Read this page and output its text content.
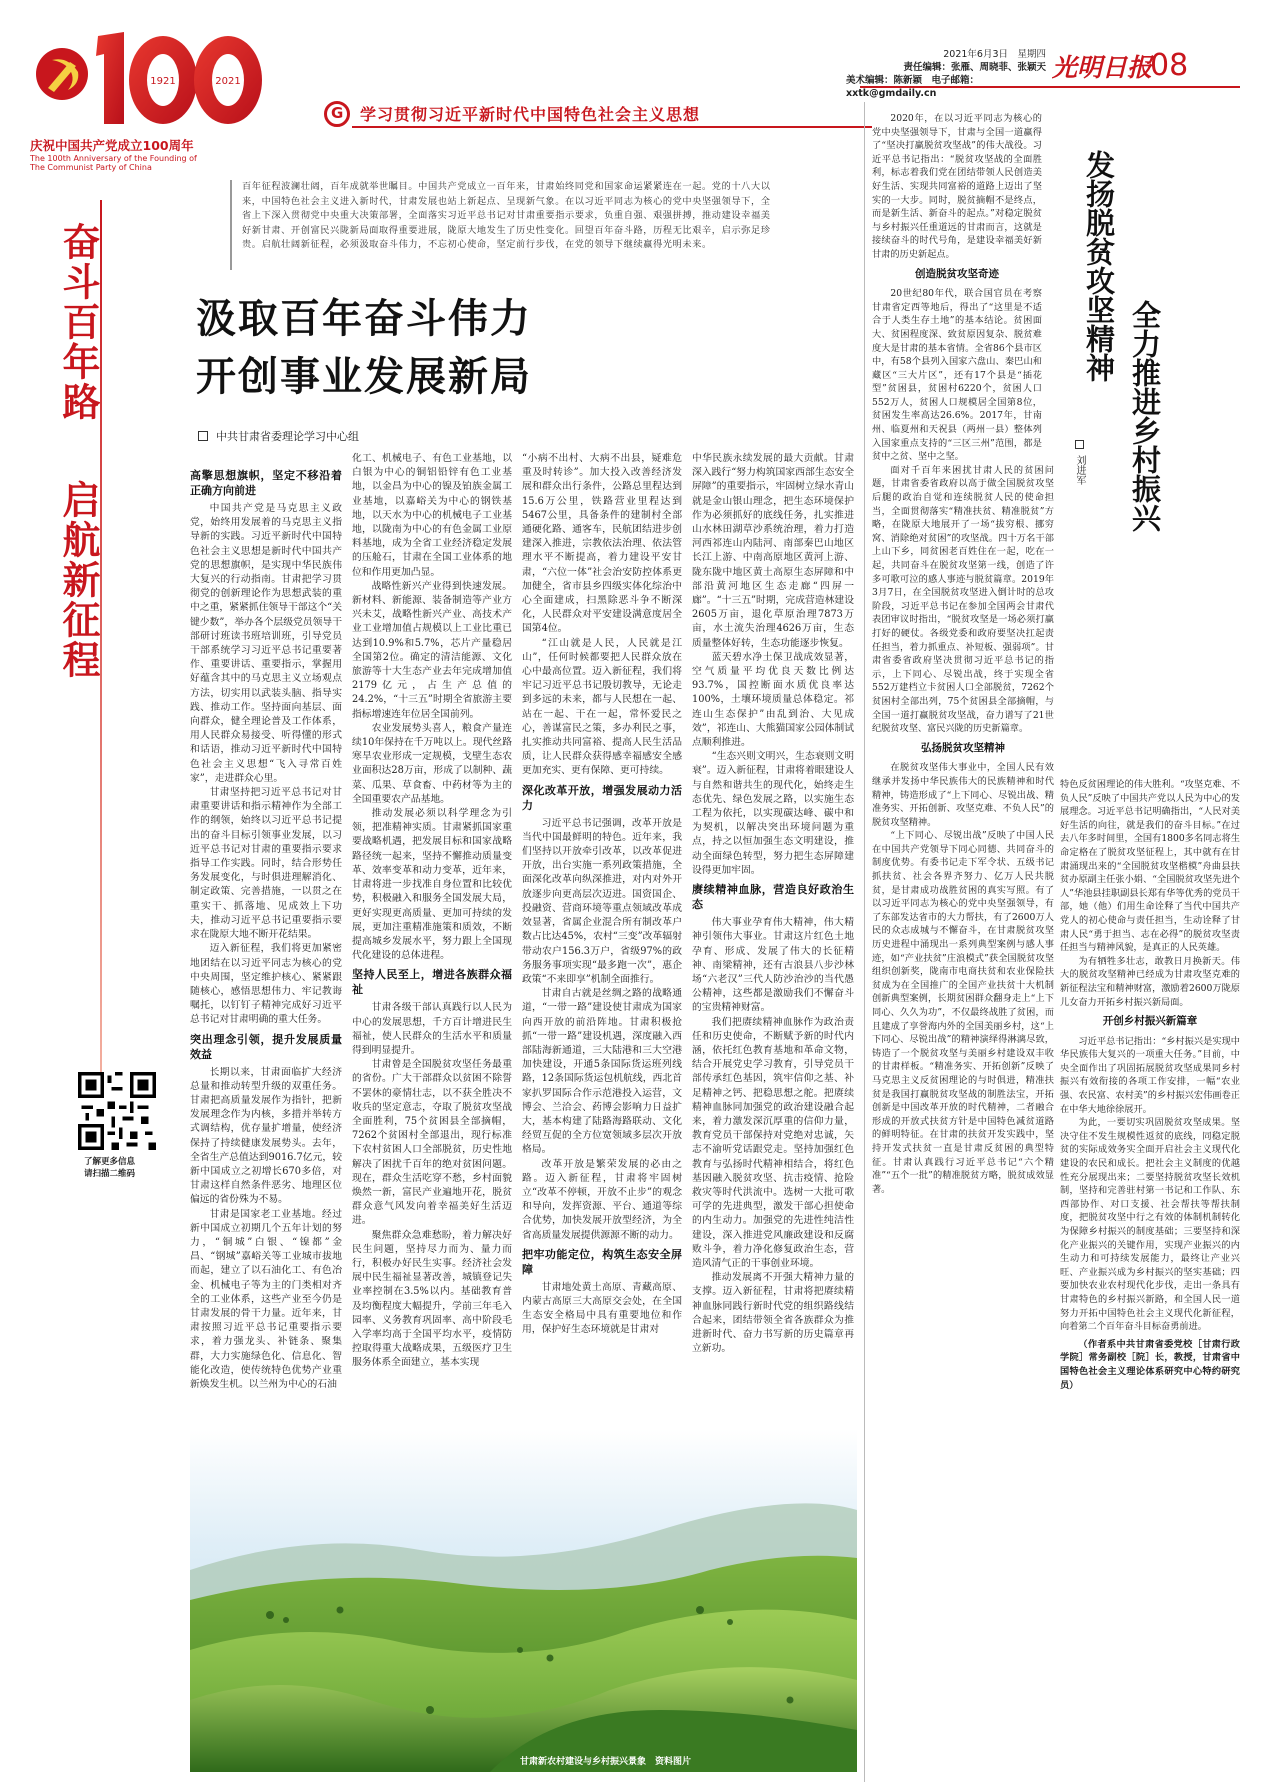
1921	2021
庆祝中国共产党成立100周年
The 100th Anniversary of the Founding of The Communist Party of China
2021年6月3日　星期四
责任编辑：张雁、周晓菲、张颖天
美术编辑：陈新颖　电子邮箱：xxtk@gmdaily.cn
光明日报
08
G 学习贯彻习近平新时代中国特色社会主义思想
奋斗百年路
启航新征程

百年征程波澜壮阔，百年成就举世瞩目。中国共产党成立一百年来，甘肃始终同党和国家命运紧紧连在一起。党的十八大以来，中国特色社会主义进入新时代，甘肃发展也站上新起点、呈现新气象。在以习近平同志为核心的党中央坚强领导下，全省上下深入贯彻党中央重大决策部署，全面落实习近平总书记对甘肃重要指示要求，负重自强、艰强拼搏，推动建设幸福美好新甘肃、开创富民兴陇新局面取得重要进展，陇原大地发生了历史性变化。回望百年奋斗路，历程无比艰辛，启示弥足珍贵。启航壮阔新征程，必须汲取奋斗伟力，不忘初心使命，坚定前行步伐，在党的领导下继续赢得光明未来。

汲取百年奋斗伟力
开创事业发展新局
中共甘肃省委理论学习中心组
甘肃新农村建设与乡村振兴景象　资料图片
高擎思想旗帜，坚定不移沿着正确方向前进

中国共产党是马克思主义政党，始终用发展着的马克思主义指导新的实践。习近平新时代中国特色社会主义思想是新时代中国共产党的思想旗帜，是实现中华民族伟大复兴的行动指南。甘肃把学习贯彻党的创新理论作为思想武装的重中之重，紧紧抓住领导干部这个“关键少数”，举办各个层级党员领导干部研讨班读书班培训班，引导党员干部系统学习习近平总书记重要著作、重要讲话、重要指示，掌握用好蕴含其中的马克思主义立场观点方法，切实用以武装头脑、指导实践、推动工作。坚持面向基层、面向群众，健全理论普及工作体系，用人民群众易接受、听得懂的形式和话语，推动习近平新时代中国特色社会主义思想“飞入寻常百姓家”，走进群众心里。

甘肃坚持把习近平总书记对甘肃重要讲话和指示精神作为全部工作的纲领，始终以习近平总书记提出的奋斗目标引领事业发展，以习近平总书记对甘肃的重要指示要求指导工作实践。同时，结合形势任务发展变化，与时俱进理解消化、制定政策、完善措施，一以贯之在重实干、抓落地、见成效上下功夫，推动习近平总书记重要指示要求在陇原大地不断开花结果。

迈入新征程，我们将更加紧密地团结在以习近平同志为核心的党中央周围，坚定维护核心、紧紧跟随核心，感悟思想伟力、牢记教诲嘱托，以钉钉子精神完成好习近平总书记对甘肃明确的重大任务。

突出理念引领，提升发展质量效益

长期以来，甘肃面临扩大经济总量和推动转型升级的双重任务。甘肃把高质量发展作为指针，把新发展理念作为内核，多措并举转方式调结构，优存量扩增量，使经济保持了持续健康发展势头。去年，全省生产总值达到9016.7亿元，较新中国成立之初增长670多倍，对甘肃这样自然条件恶劣、地理区位偏远的省份殊为不易。

甘肃是国家老工业基地。经过新中国成立初期几个五年计划的努力，“铜城”白银、“镍都”金昌、“钢城”嘉峪关等工业城市拔地而起，建立了以石油化工、有色冶金、机械电子等为主的门类相对齐全的工业体系，这些产业至今仍是甘肃发展的骨干力量。近年来，甘肃按照习近平总书记重要指示要求，着力强龙头、补链条、聚集群，大力实施绿色化、信息化、智能化改造，使传统特色优势产业重新焕发生机。以兰州为中心的石油

了解更多信息
请扫描二维码

化工、机械电子、有色工业基地，以白银为中心的铜铝铅锌有色工业基地，以金昌为中心的镍及铂族金属工业基地，以嘉峪关为中心的钢铁基地，以天水为中心的机械电子工业基地，以陇南为中心的有色金属工业原料基地，成为全省工业经济稳定发展的压舱石，甘肃在全国工业体系的地位和作用更加凸显。

战略性新兴产业得到快速发展。新材料、新能源、装备制造等产业方兴未艾，战略性新兴产业、高技术产业工业增加值占规模以上工业比重已达到10.9%和5.7%，芯片产量稳居全国第2位。确定的清洁能源、文化旅游等十大生态产业去年完成增加值2179亿元，占生产总值的24.2%，“十三五”时期全省旅游主要指标增速连年位居全国前列。

农业发展势头喜人，粮食产量连续10年保持在千万吨以上。现代丝路寒旱农业形成一定规模，戈壁生态农业面积达28万亩，形成了以制种、蔬菜、瓜果、草食畜、中药材等为主的全国重要农产品基地。

推动发展必须以科学理念为引领，把准精神实质。甘肃紧抓国家重要战略机遇，把发展目标和国家战略路径统一起来，坚持不懈推动质量变革、效率变革和动力变革，近年来，甘肃将进一步找准自身位置和比较优势，积极融入和服务全国发展大局，更好实现更高质量、更加可持续的发展，更加注重精准施策和质效，不断提高城乡发展水平，努力跟上全国现代化建设的总体进程。

坚持人民至上，增进各族群众福祉

甘肃各级干部认真践行以人民为中心的发展思想，千方百计增进民生福祉，使人民群众的生活水平和质量得到明显提升。

甘肃曾是全国脱贫攻坚任务最重的省份。广大干部群众以贫困不除誓不罢休的豪情壮志，以不获全胜决不收兵的坚定意志，夺取了脱贫攻坚战全面胜利，75个贫困县全部摘帽，7262个贫困村全部退出，现行标准下农村贫困人口全部脱贫，历史性地解决了困扰千百年的绝对贫困问题。现在，群众生活吃穿不愁，乡村面貌焕然一新，富民产业遍地开花，脱贫群众意气风发向着幸福美好生活迈进。

聚焦群众急难愁盼，着力解决好民生问题，坚持尽力而为、量力而行，积极办好民生实事。经济社会发展中民生福祉显著改善，城镇登记失业率控制在3.5%以内。基础教育普及均衡程度大幅提升，学前三年毛入园率、义务教育巩固率、高中阶段毛入学率均高于全国平均水平，疫情防控取得重大战略成果，五级医疗卫生服务体系全面建立，基本实现

“小病不出村、大病不出县，疑难危重及时转诊”。加大投入改善经济发展和群众出行条件，公路总里程达到15.6万公里，铁路营业里程达到5467公里，具备条件的建制村全部通硬化路、通客车，民航团结进步创建深入推进，宗教依法治理、依法管理水平不断提高，着力建设平安甘肃，“六位一体”社会治安防控体系更加健全，省市县乡四级实体化综治中心全面建成，扫黑除恶斗争不断深化，人民群众对平安建设满意度居全国第4位。

“江山就是人民，人民就是江山”，任何时候都要把人民群众放在心中最高位置。迈入新征程，我们将牢记习近平总书记殷切教导，无论走到多远的未来，都与人民想在一起、站在一起、干在一起，常怀爱民之心，善谋富民之策，多办利民之事，扎实推动共同富裕、提高人民生活品质，让人民群众获得感幸福感安全感更加充实、更有保障、更可持续。

深化改革开放，增强发展动力活力

习近平总书记强调，改革开放是当代中国最鲜明的特色。近年来，我们坚持以开放牵引改革，以改革促进开放，出台实施一系列政策措施，全面深化改革向纵深推进，对内对外开放逐步向更高层次迈进。国资国企、投融资、营商环境等重点领域改革成效显著，省属企业混合所有制改革户数占比达45%，农村“三变”改革辐射带动农户156.3万户，省级97%的政务服务事项实现“最多跑一次”，惠企政策“不来即享”机制全面推行。

甘肃自古就是丝绸之路的战略通道，“一带一路”建设使甘肃成为国家向西开放的前沿阵地。甘肃积极抢抓“一带一路”建设机遇，深度融入西部陆海新通道，三大陆港和三大空港加快建设，开通5条国际货运班列线路，12条国际货运包机航线，西北首家扒罗国际合作示范港投入运营，文博会、兰洽会、药博会影响力日益扩大，基本构建了陆路海路联动、文化经贸互促的全方位宽领域多层次开放格局。

改革开放是繁荣发展的必由之路。迈入新征程，甘肃将牢固树立“改革不停顿，开放不止步”的观念和导向，发挥资源、平台、通道等综合优势，加快发展开放型经济，为全省高质量发展提供源源不断的动力。

把牢功能定位，构筑生态安全屏障

甘肃地处黄土高原、青藏高原、内蒙古高原三大高原交会处，在全国生态安全格局中具有重要地位和作用，保护好生态环境就是甘肃对

中华民族永续发展的最大贡献。甘肃深入践行“努力构筑国家西部生态安全屏障”的重要指示，牢固树立绿水青山就是金山银山理念，把生态环境保护作为必须抓好的底线任务，扎实推进山水林田湖草沙系统治理，着力打造河西祁连山内陆河、南部秦巴山地区长江上游、中南高原地区黄河上游、陇东陇中地区黄土高原生态屏障和中部沿黄河地区生态走廊“四屏一廊”。“十三五”时期，完成营造林建设2605万亩，退化草原治理7873万亩，水土流失治理4626万亩，生态质量整体好转，生态功能逐步恢复。

蓝天碧水净土保卫战成效显著，空气质量平均优良天数比例达93.7%，国控断面水质优良率达100%，土壤环境质量总体稳定。祁连山生态保护”由乱到治、大见成效”，祁连山、大熊猫国家公园体制试点顺利推进。

“生态兴则文明兴，生态衰则文明衰”。迈入新征程，甘肃将着眼建设人与自然和谐共生的现代化，始终走生态优先、绿色发展之路，以实施生态工程为依托，以实现碳达峰、碳中和为契机，以解决突出环境问题为重点，持之以恒加强生态文明建设，推动全面绿色转型，努力把生态屏障建设得更加牢固。

赓续精神血脉，营造良好政治生态

伟大事业孕育伟大精神，伟大精神引领伟大事业。甘肃这片红色土地孕育、形成、发展了伟大的长征精神、南梁精神，还有古浪县八步沙林场“六老汉”三代人防沙治沙的当代愚公精神，这些都是激励我们不懈奋斗的宝贵精神财富。

我们把赓续精神血脉作为政治责任和历史使命，不断赋予新的时代内涵，依托红色教育基地和革命文物，结合开展党史学习教育，引导党员干部传承红色基因，筑牢信仰之基、补足精神之钙、把稳思想之舵。把赓续精神血脉同加强党的政治建设融合起来，着力激发深沉厚重的信仰力量，教育党员干部保持对党绝对忠诚，矢志不渝听党话跟党走。坚持加强红色教育与弘扬时代精神相结合，将红色基因融入脱贫攻坚、抗击疫情、抢险救灾等时代洪流中。选树一大批可歌可学的先进典型，激发干部心担使命的内生动力。加强党的先进性纯洁性建设，深入推进党风廉政建设和反腐败斗争，着力净化修复政治生态，营造风清气正的干事创业环境。

推动发展离不开强大精神力量的支撑。迈入新征程，甘肃将把赓续精神血脉同践行新时代党的组织路线结合起来，团结带领全省各族群众为推进新时代、奋力书写新的历史篇章再立新功。

发扬脱贫攻坚精神
全力推进乡村振兴
刘进军

2020年，在以习近平同志为核心的党中央坚强领导下，甘肃与全国一道赢得了“坚决打赢脱贫攻坚战”的伟大战役。习近平总书记指出：“脱贫攻坚战的全面胜利，标志着我们党在团结带领人民创造美好生活、实现共同富裕的道路上迈出了坚实的一大步。同时，脱贫摘帽不是终点，而是新生活、新奋斗的起点。”对稳定脱贫与乡村振兴任重道远的甘肃而言，这就是接续奋斗的时代号角，是建设幸福美好新甘肃的历史新起点。

创造脱贫攻坚奇迹

20世纪80年代，联合国官员在考察甘肃省定西等地后，得出了“这里是不适合于人类生存土地”的基本结论。贫困面大、贫困程度深、致贫原因复杂、脱贫难度大是甘肃的基本省情。全省86个县市区中，有58个县列入国家六盘山、秦巴山和藏区“三大片区”，还有17个县是“插花型”贫困县，贫困村6220个，贫困人口552万人，贫困人口规模居全国第8位，贫困发生率高达26.6%。2017年，甘南州、临夏州和天祝县（两州一县）整体列入国家重点支持的“三区三州”范围，都是贫中之贫、坚中之坚。

面对千百年来困扰甘肃人民的贫困问题，甘肃省委省政府以高于做全国脱贫攻坚后腿的政治自觉和连续脱贫人民的使命担当，全面贯彻落实“精准扶贫、精准脱贫”方略，在陇原大地展开了一场“拔穷根、挪穷窝、消除绝对贫困”的攻坚战。四十万名干部上山下乡，同贫困老百姓住在一起，吃在一起，共同奋斗在脱贫攻坚第一线，创造了许多可歌可泣的感人事迹与脱贫篇章。2019年3月7日，在全国脱贫攻坚进入倒计时的总攻阶段，习近平总书记在参加全国两会甘肃代表团审议时指出，“脱贫攻坚是一场必须打赢打好的硬仗。各级党委和政府要坚决扛起责任担当，着力抓重点、补短板、强弱项”。甘肃省委省政府坚决贯彻习近平总书记的指示，上下同心、尽锐出战，终于实现全省552万建档立卡贫困人口全部脱贫，7262个贫困村全部出列，75个贫困县全部摘帽，与全国一道打赢脱贫攻坚战，奋力谱写了21世纪脱贫攻坚、富民兴陇的历史新篇章。

弘扬脱贫攻坚精神

在脱贫攻坚伟大事业中，全国人民有效继承并发扬中华民族伟大的民族精神和时代精神，铸造形成了“上下同心、尽锐出战、精准务实、开拓创新、攻坚克难、不负人民”的脱贫攻坚精神。

“上下同心、尽锐出战”反映了中国人民在中国共产党领导下同心同德、共同奋斗的制度优势。有委书记走下军令状、五级书记抓扶贫、社会各界齐努力、亿万人民共脱贫，是甘肃成功战胜贫困的真实写照。有了以习近平同志为核心的党中央坚强领导，有了东部发达省市的大力帮扶，有了2600万人民的众志成城与不懈奋斗，在甘肃脱贫攻坚历史进程中涌现出一系列典型案例与感人事迹，如“产业扶贫”庄浪模式”获全国脱贫攻坚组织创新奖，陇南市电商扶贫和农业保险扶贫成为在全国推广的全国产业扶贫十大机制创新典型案例，长期贫困群众翻身走上“上下同心、久久为功”，不仅最终战胜了贫困，而且建成了享誉海内外的全国美丽乡村，这“上下同心、尽锐出战”的精神演绎得淋漓尽致，铸造了一个脱贫攻坚与美丽乡村建设双丰收的甘肃样板。“精准务实、开拓创新”反映了马克思主义反贫困理论的与时俱进，精准扶贫是我国打赢脱贫攻坚战的制胜法宝，开拓创新是中国改革开放的时代精神，二者融合形成的开放式扶贫方针是中国特色减贫道路的鲜明特征。在甘肃的扶贫开发实践中，坚持开发式扶贫一直是甘肃反贫困的典型特征。甘肃认真践行习近平总书记“六个精准”“五个一批”的精准脱贫方略，脱贫成效显著。

特色反贫困理论的伟大胜利。“攻坚克难、不负人民”反映了中国共产党以人民为中心的发展理念。习近平总书记明确指出，“人民对美好生活的向往，就是我们的奋斗目标。”在过去八年多时间里，全国有1800多名同志将生命定格在了脱贫攻坚征程上，其中就有在甘肃涌现出来的“全国脱贫攻坚楷模”舟曲县扶贫办原副主任张小娟、“全国脱贫攻坚先进个人”华池县挂职副县长郑有华等优秀的党员干部，她（他）们用生命诠释了当代中国共产党人的初心使命与责任担当，生动诠释了甘肃人民“勇于担当、志在必得”的脱贫攻坚责任担当与精神风貌，是真正的人民英雄。

为有牺牲多壮志，敢教日月换新天。伟大的脱贫攻坚精神已经成为甘肃攻坚克难的新征程法宝和精神财富，激励着2600万陇原儿女奋力开拓乡村振兴新局面。

开创乡村振兴新篇章

习近平总书记指出：“乡村振兴是实现中华民族伟大复兴的一项重大任务。”目前，中央全面作出了巩固拓展脱贫攻坚成果同乡村振兴有效衔接的各项工作安排，一幅“农业强、农民富、农村美”的乡村振兴宏伟画卷正在中华大地徐徐展开。

为此，一要切实巩固脱贫攻坚成果。坚决守住不发生规模性返贫的底线，同稳定脱贫的实际成效务实全面开启社会主义现代化建设的农民和成长。把社会主义制度的优越性充分展现出来；二要坚持脱贫攻坚长效机制，坚持和完善驻村第一书记和工作队、东西部协作、对口支援、社会帮扶等帮扶制度，把脱贫攻坚中行之有效的体制机制转化为保障乡村振兴的制度基础；三要坚持和深化产业振兴的关键作用，实现产业振兴的内生动力和可持续发展能力，最终让产业兴旺、产业振兴成为乡村振兴的坚实基础；四要加快农业农村现代化步伐，走出一条具有甘肃特色的乡村振兴新路，和全国人民一道努力开拓中国特色社会主义现代化新征程，向着第二个百年奋斗目标奋勇前进。

（作者系中共甘肃省委党校［甘肃行政学院］常务副校［院］长，教授，甘肃省中国特色社会主义理论体系研究中心特约研究员）
